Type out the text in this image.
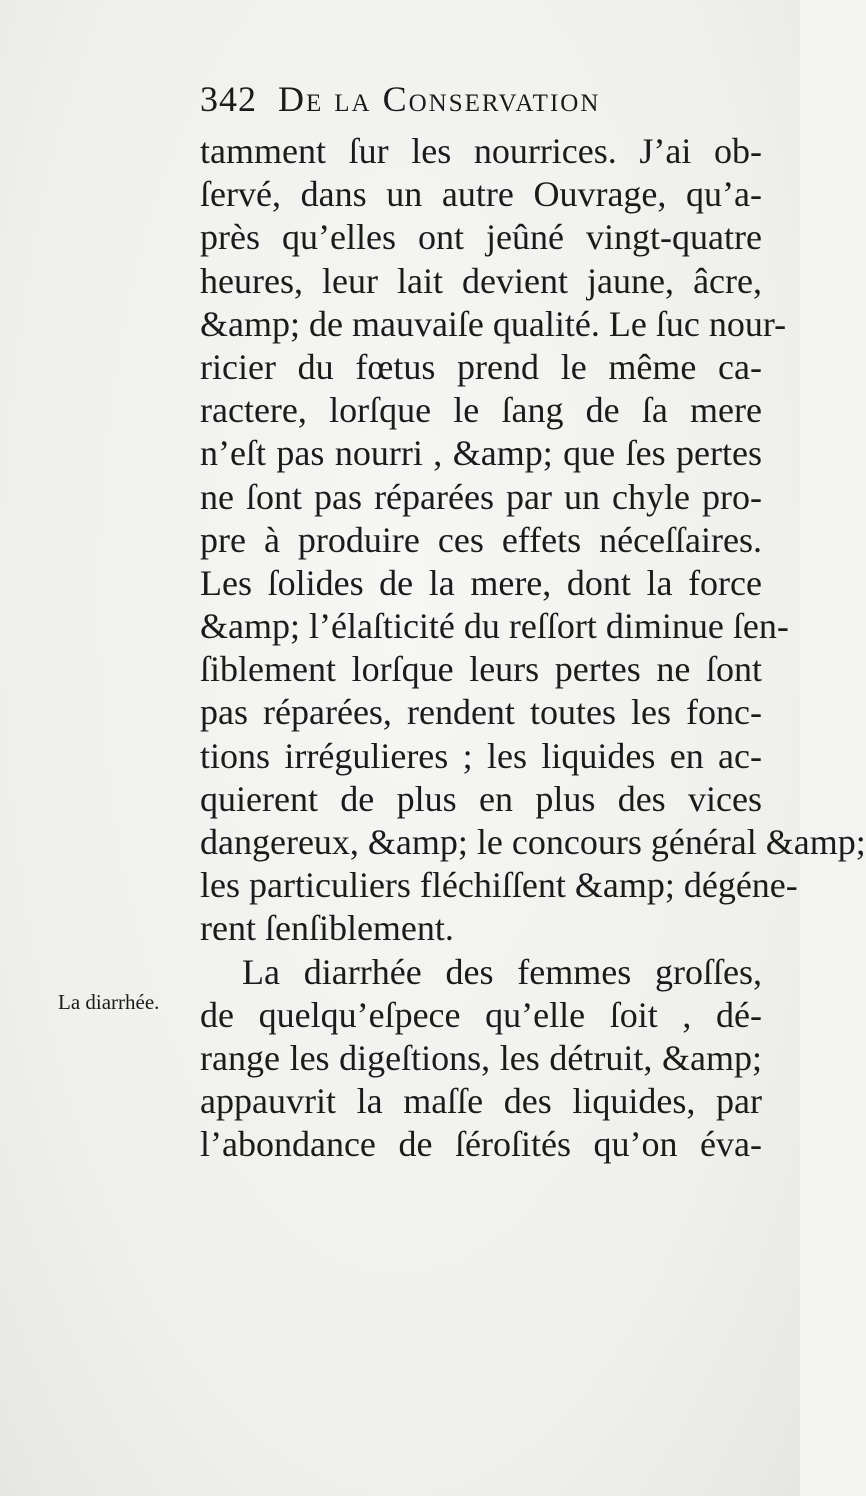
342 De la Conservation
La diarrhée.
tamment ſur les nourrices. J’ai ob-
ſervé, dans un autre Ouvrage, qu’a-
près qu’elles ont jeûné vingt-quatre
heures, leur lait devient jaune, âcre,
&amp; de mauvaiſe qualité. Le ſuc nour-
ricier du fœtus prend le même ca-
ractere, lorſque le ſang de ſa mere
n’eſt pas nourri , &amp; que ſes pertes
ne ſont pas réparées par un chyle pro-
pre à produire ces effets néceſſaires.
Les ſolides de la mere, dont la force
&amp; l’élaſticité du reſſort diminue ſen-
ſiblement lorſque leurs pertes ne ſont
pas réparées, rendent toutes les fonc-
tions irrégulieres ; les liquides en ac-
quierent de plus en plus des vices
dangereux, &amp; le concours général &amp;
les particuliers fléchiſſent &amp; dégéne-
rent ſenſiblement.
La diarrhée des femmes groſſes,
de quelqu’eſpece qu’elle ſoit , dé-
range les digeſtions, les détruit, &amp;
appauvrit la maſſe des liquides, par
l’abondance de ſéroſités qu’on éva-
